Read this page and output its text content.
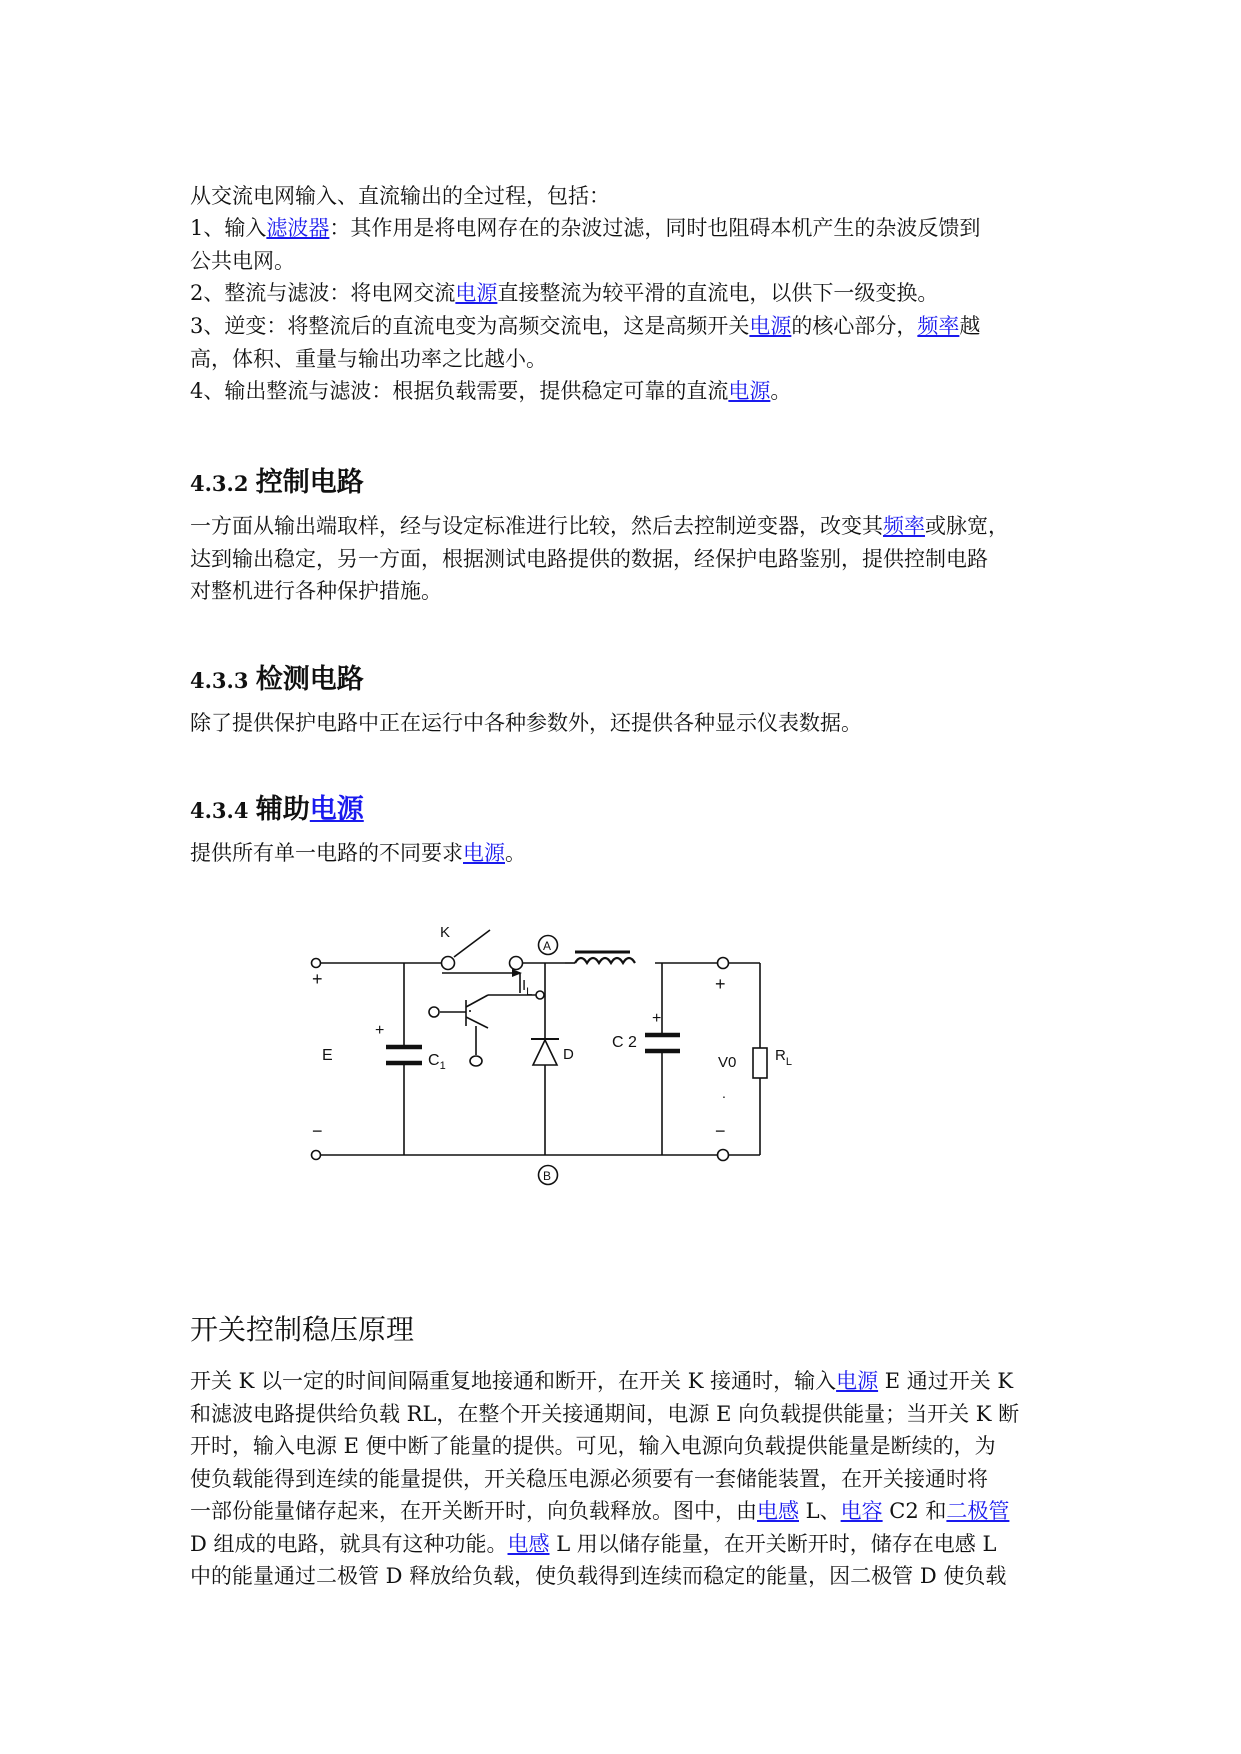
从交流电网输入、直流输出的全过程，包括：

1、输入滤波器：其作用是将电网存在的杂波过滤，同时也阻碍本机产生的杂波反馈到
公共电网。

2、整流与滤波：将电网交流电源直接整流为较平滑的直流电，以供下一级变换。

3、逆变：将整流后的直流电变为高频交流电，这是高频开关电源的核心部分，频率越
高，体积、重量与输出功率之比越小。

4、输出整流与滤波：根据负载需要，提供稳定可靠的直流电源。

4.3.2 控制电路

一方面从输出端取样，经与设定标准进行比较，然后去控制逆变器，改变其频率或脉宽，
达到输出稳定，另一方面，根据测试电路提供的数据，经保护电路鉴别，提供控制电路
对整机进行各种保护措施。

4.3.3 检测电路

除了提供保护电路中正在运行中各种参数外，还提供各种显示仪表数据。

4.3.4 辅助电源

提供所有单一电路的不同要求电源。

开关控制稳压原理

开关 K 以一定的时间间隔重复地接通和断开，在开关 K 接通时，输入电源 E 通过开关 K
和滤波电路提供给负载 RL，在整个开关接通期间，电源 E 向负载提供能量；当开关 K 断
开时，输入电源 E 便中断了能量的提供。可见，输入电源向负载提供能量是断续的，为
使负载能得到连续的能量提供，开关稳压电源必须要有一套储能装置，在开关接通时将
一部份能量储存起来，在开关断开时，向负载释放。图中，由电感 L、电容 C2 和二极管
D 组成的电路，就具有这种功能。电感 L 用以储存能量，在开关断开时，储存在电感 L
中的能量通过二极管 D 释放给负载，使负载得到连续而稳定的能量，因二极管 D 使负载

K
A
B
+
−
E
+
$C_1$
$I_L$
D
C 2
+
+
V0
.
−
$R_L$
